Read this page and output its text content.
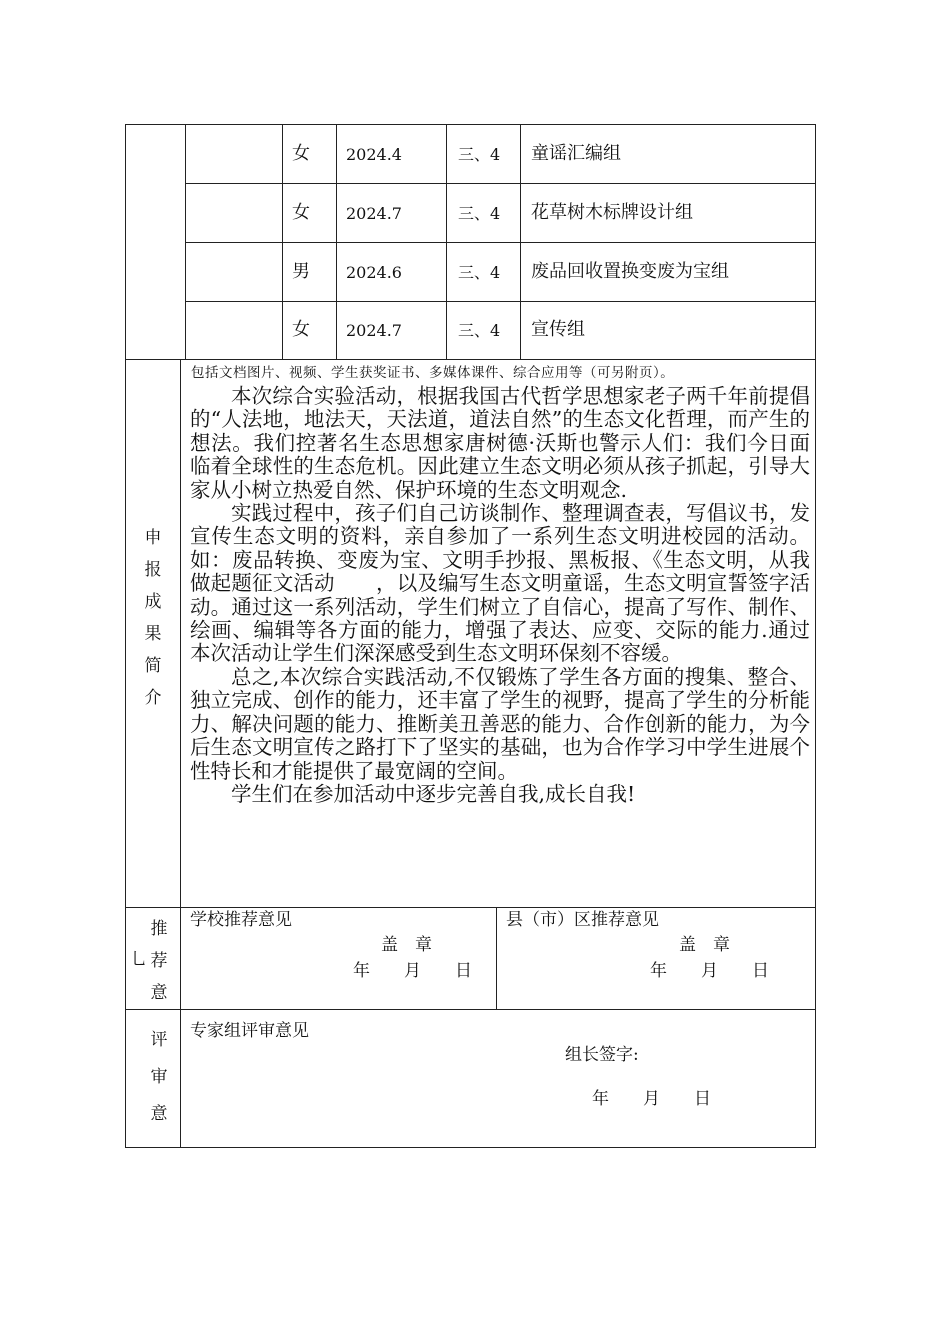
女 2024.4	三、4 童谣汇编组
女 2024.7	三、4 花草树木标牌设计组
男 2024.6	三、4 废品回收置换变废为宝组
女 2024.7	三、4 宣传组
申
报
成
果
简
介
包括文档图片、视频、学生获奖证书、多媒体课件、综合应用等（可另附页）。

本次综合实验活动，根据我国古代哲学思想家老子两千年前提倡的“人法地，地法天，天法道，道法自然”的生态文化哲理，而产生的想法。我们控著名生态思想家唐树德·沃斯也警示人们：我们今日面临着全球性的生态危机。因此建立生态文明必须从孩子抓起，引导大家从小树立热爱自然、保护环境的生态文明观念.

实践过程中，孩子们自己访谈制作、整理调查表，写倡议书，发宣传生态文明的资料，亲自参加了一系列生态文明进校园的活动。如：废品转换、变废为宝、文明手抄报、黑板报、《生态文明，从我做起题征文活动　　，以及编写生态文明童谣，生态文明宣誓签字活动。通过这一系列活动，学生们树立了自信心，提高了写作、制作、绘画、编辑等各方面的能力，增强了表达、应变、交际的能力.通过本次活动让学生们深深感受到生态文明环保刻不容缓。

总之,本次综合实践活动,不仅锻炼了学生各方面的搜集、整合、独立完成、创作的能力，还丰富了学生的视野，提高了学生的分析能力、解决问题的能力、推断美丑善恶的能力、合作创新的能力，为今后生态文明宣传之路打下了坚实的基础，也为合作学习中学生进展个性特长和才能提供了最宽阔的空间。

学生们在参加活动中逐步完善自我,成长自我!

乚
推
荐
意
学校推荐意见
盖　章
年　　月　　日
县（市）区推荐意见
盖　章
年　　月　　日
评
审
意
专家组评审意见
组长签字:
年　　月　　日
